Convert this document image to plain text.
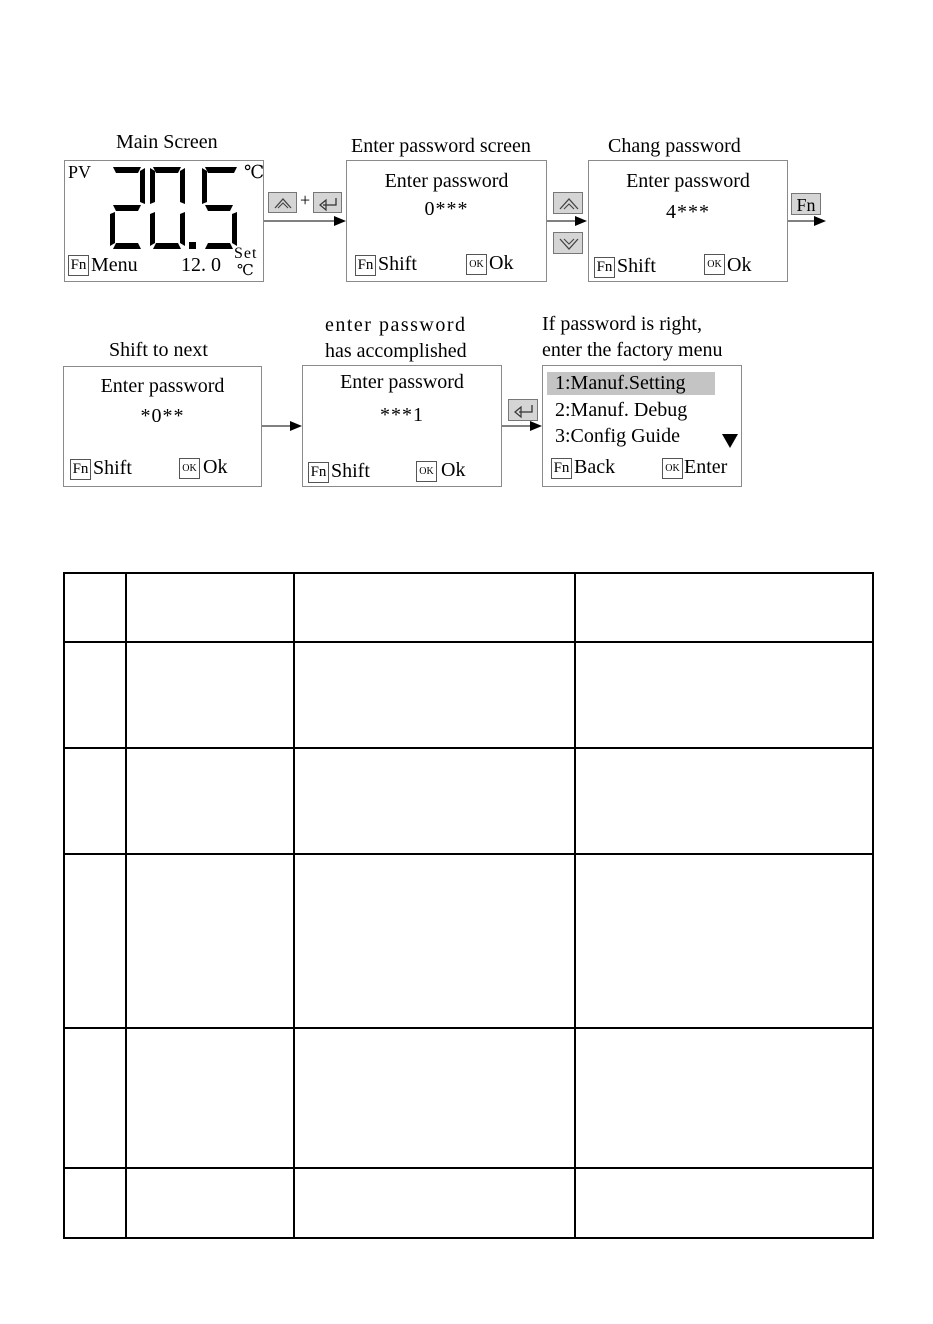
Main Screen	Enter password screen	Chang password
PV	℃
Fn Menu 12. 0
Set
℃
+
Enter password
0***
Fn Shift	OK Ok
Enter password
4***
Fn Shift	OK Ok
Fn
Shift to next
enter password
has accomplished
If password is right,
enter the factory menu
Enter password
*0**
Fn Shift	OK Ok
Enter password
***1
Fn Shift	OK Ok
1:Manuf.Setting
2:Manuf. Debug
3:Config Guide
Fn Back	OK Enter
